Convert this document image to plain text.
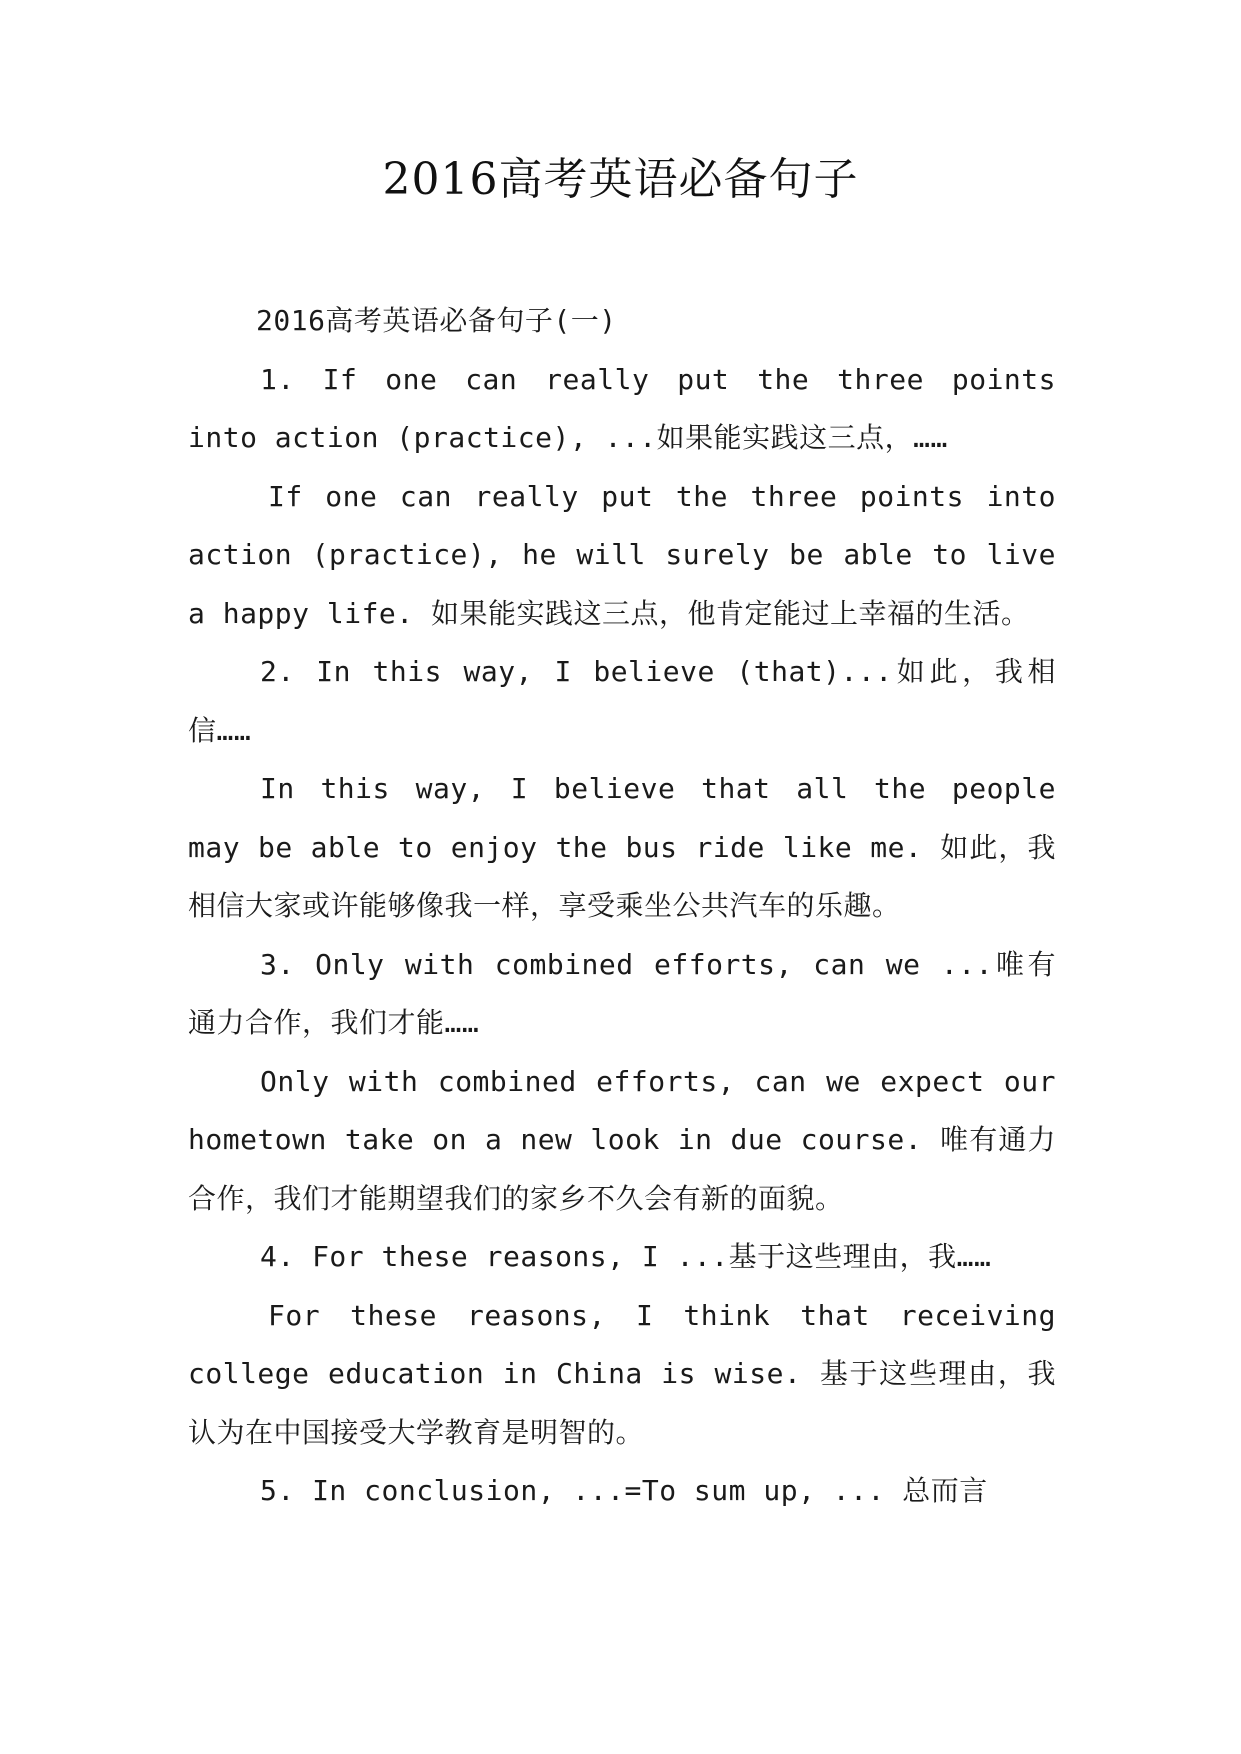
2016高考英语必备句子

2016高考英语必备句子(一)

1. If one can really put the three points into action (practice), ...如果能实践这三点，……

If one can really put the three points into action (practice), he will surely be able to live a happy life. 如果能实践这三点，他肯定能过上幸福的生活。

2. In this way, I believe (that)...如此，我相信……

In this way, I believe that all the people may be able to enjoy the bus ride like me. 如此，我相信大家或许能够像我一样，享受乘坐公共汽车的乐趣。

3. Only with combined efforts, can we ...唯有通力合作，我们才能……

Only with combined efforts, can we expect our hometown take on a new look in due course. 唯有通力合作，我们才能期望我们的家乡不久会有新的面貌。

4. For these reasons, I ...基于这些理由，我……

For these reasons, I think that receiving college education in China is wise. 基于这些理由，我认为在中国接受大学教育是明智的。

5. In conclusion, ...=To sum up, ... 总而言
